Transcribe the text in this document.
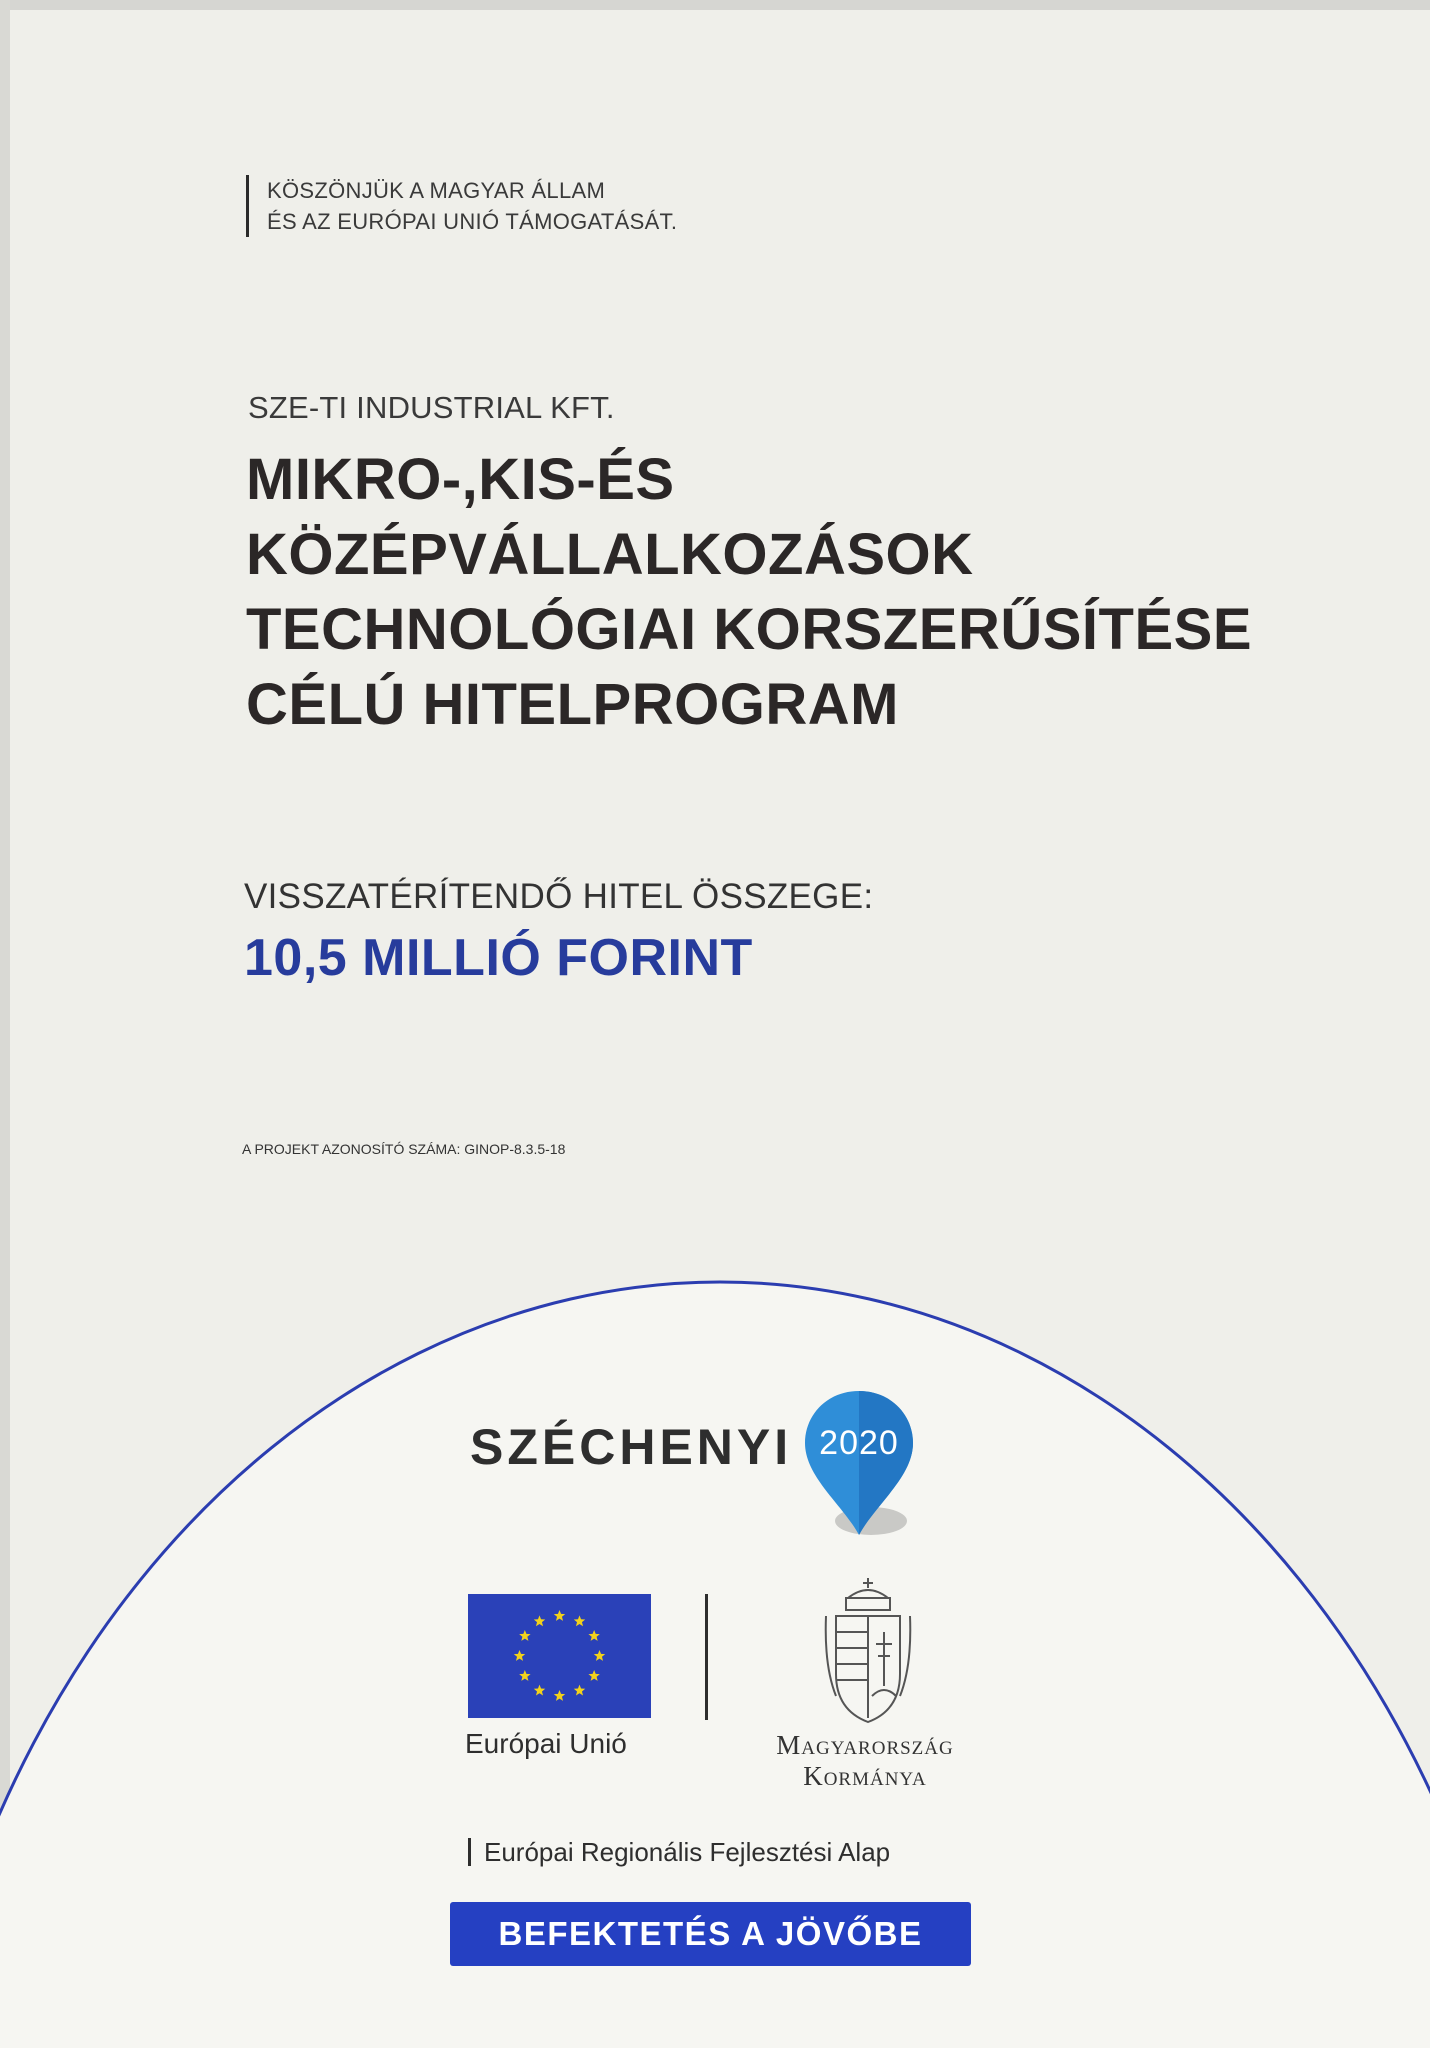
KÖSZÖNJÜK A MAGYAR ÁLLAM
ÉS AZ EURÓPAI UNIÓ TÁMOGATÁSÁT.
SZE-TI INDUSTRIAL KFT.
MIKRO-,KIS-ÉS
KÖZÉPVÁLLALKOZÁSOK
TECHNOLÓGIAI KORSZERŰSÍTÉSE
CÉLÚ HITELPROGRAM
VISSZATÉRÍTENDŐ HITEL ÖSSZEGE:
10,5 MILLIÓ FORINT
A PROJEKT AZONOSÍTÓ SZÁMA: GINOP-8.3.5-18
SZÉCHENYI 2020
Európai Unió	Magyarország
Kormánya
Európai Regionális Fejlesztési Alap
BEFEKTETÉS A JÖVŐBE
